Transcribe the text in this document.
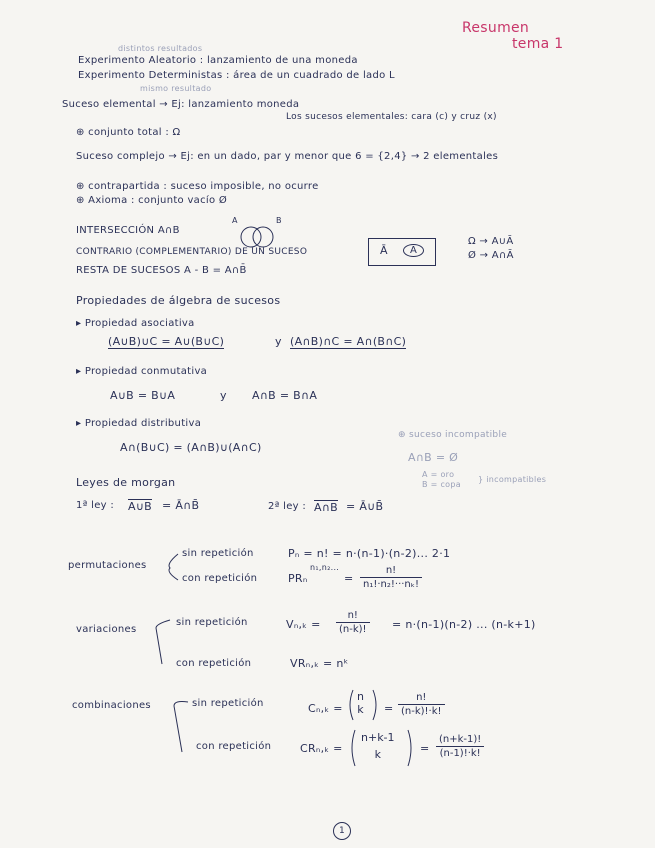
Resumen
tema 1
distintos resultados
Experimento Aleatorio : lanzamiento de una moneda
Experimento Deterministas : área de un cuadrado de lado L
mismo resultado
Suceso elemental → Ej: lanzamiento moneda
Los sucesos elementales: cara (c) y cruz (x)
⊕ conjunto total : Ω
Suceso complejo → Ej: en un dado, par y menor que 6 = {2,4} → 2 elementales
⊕ contrapartida : suceso imposible, no ocurre
⊕ Axioma : conjunto vacío Ø
INTERSECCIÓN A∩B
A	B
CONTRARIO (COMPLEMENTARIO) DE UN SUCESO	Ā	A
RESTA DE SUCESOS A - B = A∩B̄
Ω → A∪Ā
Ø → A∩Ā
Propiedades de álgebra de sucesos
▸ Propiedad asociativa
(A∪B)∪C = A∪(B∪C)	y (A∩B)∩C = A∩(B∩C)
▸ Propiedad conmutativa
A∪B = B∪A	y A∩B = B∩A
▸ Propiedad distributiva
A∩(B∪C) = (A∩B)∪(A∩C)
⊕ suceso incompatible
A∩B = Ø
A = oro
B = copa
} incompatibles
Leyes de morgan
1ª ley : A∪B = Ā∩B̄	2ª ley : A∩B = Ā∪B̄
permutaciones
sin repetición	Pₙ = n! = n·(n-1)·(n-2)... 2·1
con repetición	PRₙ
n₁,n₂...
=
n!
n₁!·n₂!···nₖ!
variaciones
sin repetición	Vₙ,ₖ =
n!
(n-k)! = n·(n-1)(n-2) ... (n-k+1)
con repetición	VRₙ,ₖ = nᵏ
combinaciones	sin repetición	Cₙ,ₖ =
n
k =
n!
(n-k)!·k!
con repetición	CRₙ,ₖ =
n+k-1
k	=
(n+k-1)!
(n-1)!·k!
1
